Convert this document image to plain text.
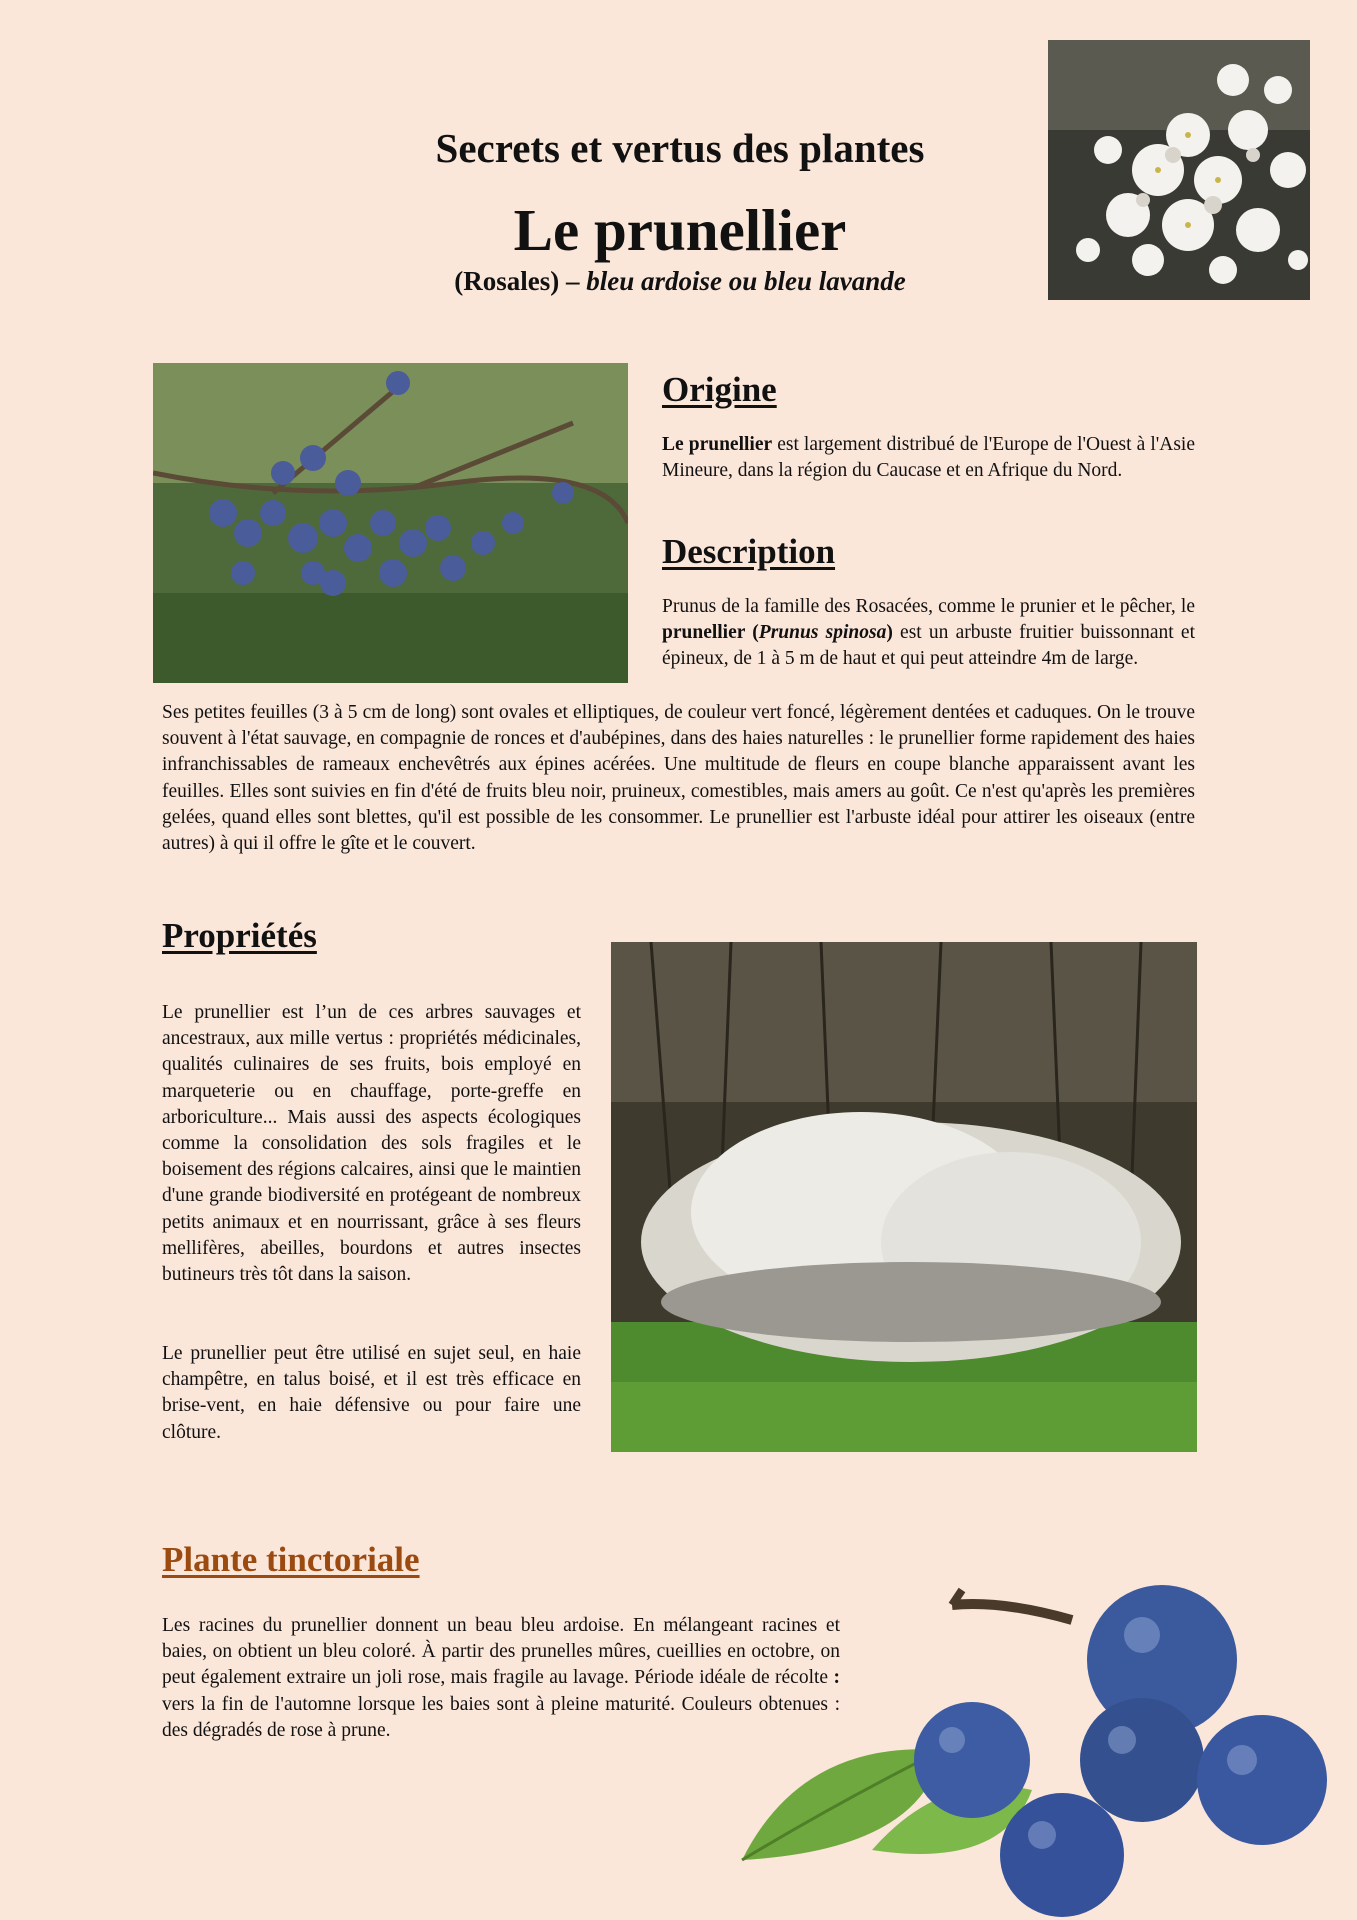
Secrets et vertus des plantes
Le prunellier
(Rosales) – bleu ardoise ou bleu lavande
Origine
Le prunellier est largement distribué de l'Europe de l'Ouest à l'Asie Mineure, dans la région du Caucase et en Afrique du Nord.
Description
Prunus de la famille des Rosacées, comme le prunier et le pêcher, le prunellier (Prunus spinosa) est un arbuste fruitier buissonnant et épineux, de 1 à 5 m de haut et qui peut atteindre 4m de large.
Ses petites feuilles (3 à 5 cm de long) sont ovales et elliptiques, de couleur vert foncé, légèrement dentées et caduques. On le trouve souvent à l'état sauvage, en compagnie de ronces et d'aubépines, dans des haies naturelles : le prunellier forme rapidement des haies infranchissables de rameaux enchevêtrés aux épines acérées. Une multitude de fleurs en coupe blanche apparaissent avant les feuilles. Elles sont suivies en fin d'été de fruits bleu noir, pruineux, comestibles, mais amers au goût. Ce n'est qu'après les premières gelées, quand elles sont blettes, qu'il est possible de les consommer. Le prunellier est l'arbuste idéal pour attirer les oiseaux (entre autres) à qui il offre le gîte et le couvert.
Propriétés
Le prunellier est l’un de ces arbres sauvages et ancestraux, aux mille vertus : propriétés médicinales, qualités culinaires de ses fruits, bois employé en marqueterie ou en chauffage, porte-greffe en arboriculture... Mais aussi des aspects écologiques comme la consolidation des sols fragiles et le boisement des régions calcaires, ainsi que le maintien d'une grande biodiversité en protégeant de nombreux petits animaux et en nourrissant, grâce à ses fleurs mellifères, abeilles, bourdons et autres insectes butineurs très tôt dans la saison.
Le prunellier peut être utilisé en sujet seul, en haie champêtre, en talus boisé, et il est très efficace en brise-vent, en haie défensive ou pour faire une clôture.
Plante tinctoriale
Les racines du prunellier donnent un beau bleu ardoise. En mélangeant racines et baies, on obtient un bleu coloré. À partir des prunelles mûres, cueillies en octobre, on peut également extraire un joli rose, mais fragile au lavage. Période idéale de récolte : vers la fin de l'automne lorsque les baies sont à pleine maturité. Couleurs obtenues : des dégradés de rose à prune.
